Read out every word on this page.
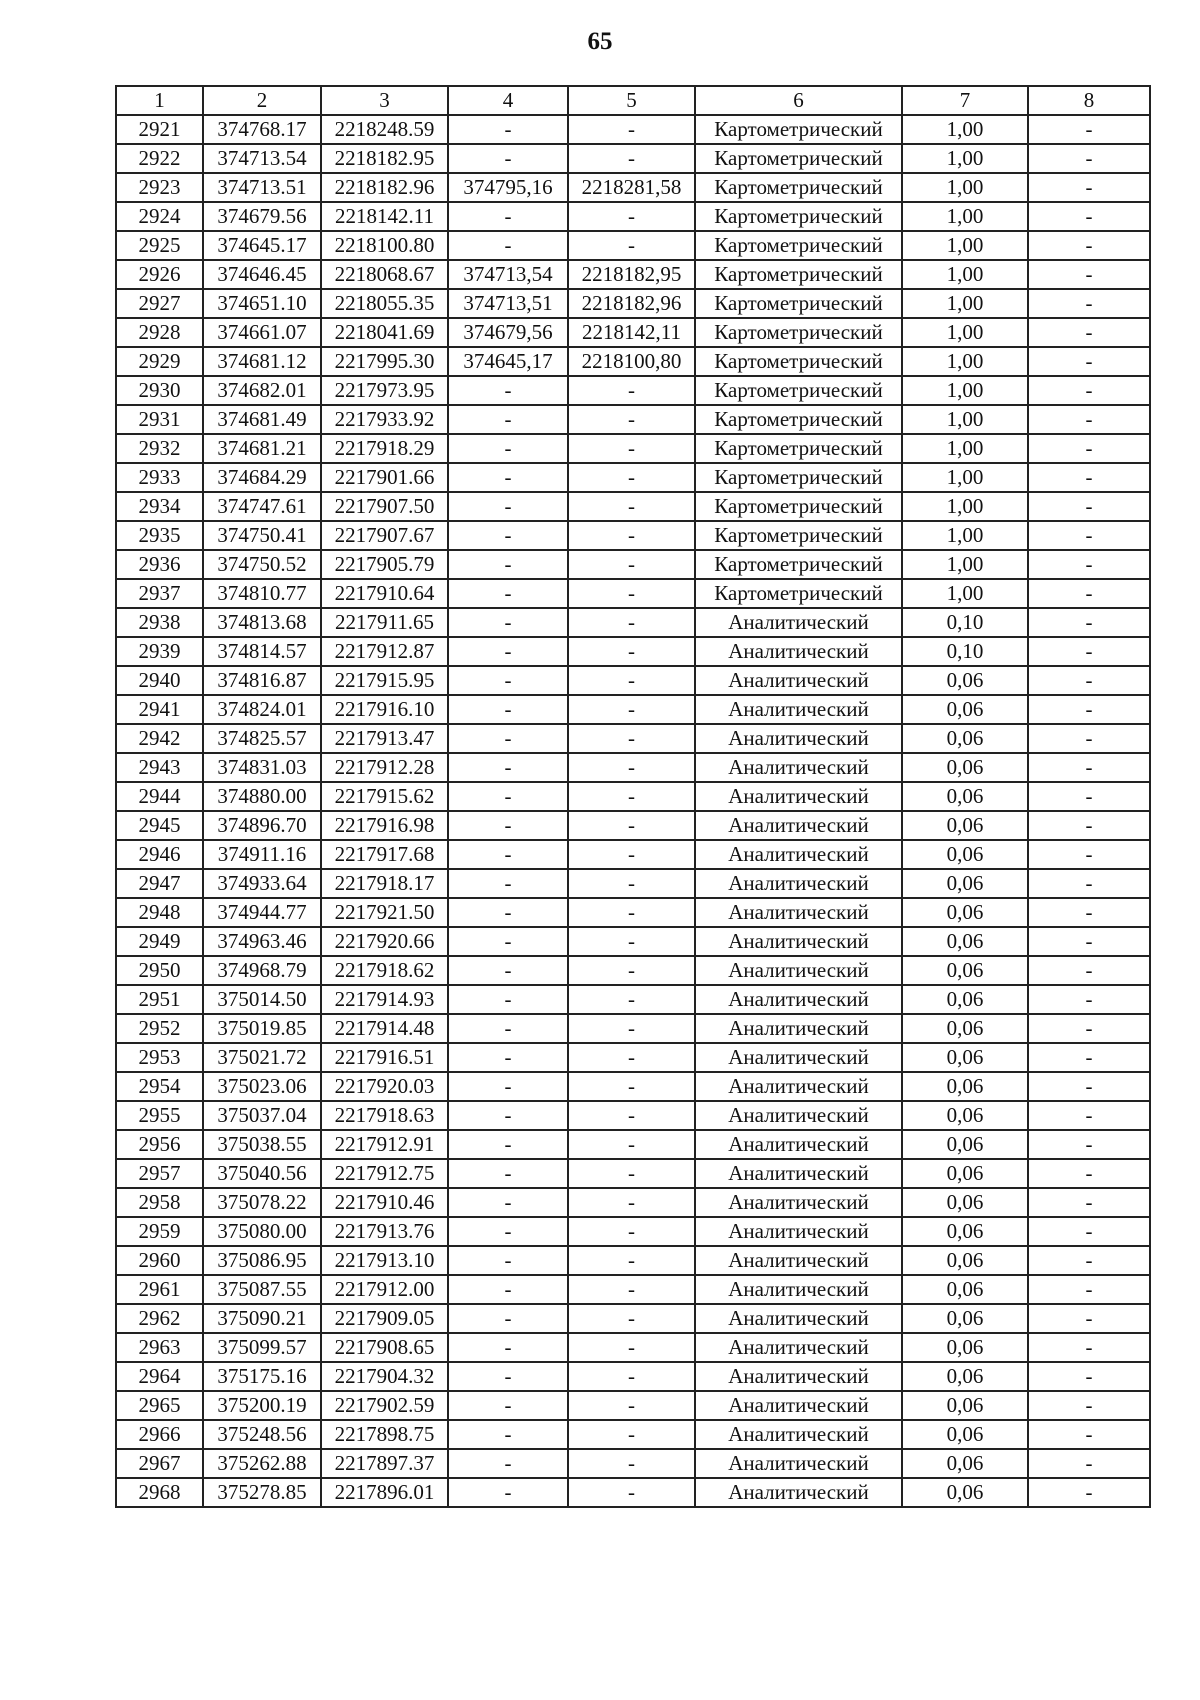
65
1	2	3	4	5	6	7	8
2921	374768.17	2218248.59	-	-	Картометрический	1,00	-
2922	374713.54	2218182.95	-	-	Картометрический	1,00	-
2923	374713.51	2218182.96	374795,16	2218281,58	Картометрический	1,00	-
2924	374679.56	2218142.11	-	-	Картометрический	1,00	-
2925	374645.17	2218100.80	-	-	Картометрический	1,00	-
2926	374646.45	2218068.67	374713,54	2218182,95	Картометрический	1,00	-
2927	374651.10	2218055.35	374713,51	2218182,96	Картометрический	1,00	-
2928	374661.07	2218041.69	374679,56	2218142,11	Картометрический	1,00	-
2929	374681.12	2217995.30	374645,17	2218100,80	Картометрический	1,00	-
2930	374682.01	2217973.95	-	-	Картометрический	1,00	-
2931	374681.49	2217933.92	-	-	Картометрический	1,00	-
2932	374681.21	2217918.29	-	-	Картометрический	1,00	-
2933	374684.29	2217901.66	-	-	Картометрический	1,00	-
2934	374747.61	2217907.50	-	-	Картометрический	1,00	-
2935	374750.41	2217907.67	-	-	Картометрический	1,00	-
2936	374750.52	2217905.79	-	-	Картометрический	1,00	-
2937	374810.77	2217910.64	-	-	Картометрический	1,00	-
2938	374813.68	2217911.65	-	-	Аналитический	0,10	-
2939	374814.57	2217912.87	-	-	Аналитический	0,10	-
2940	374816.87	2217915.95	-	-	Аналитический	0,06	-
2941	374824.01	2217916.10	-	-	Аналитический	0,06	-
2942	374825.57	2217913.47	-	-	Аналитический	0,06	-
2943	374831.03	2217912.28	-	-	Аналитический	0,06	-
2944	374880.00	2217915.62	-	-	Аналитический	0,06	-
2945	374896.70	2217916.98	-	-	Аналитический	0,06	-
2946	374911.16	2217917.68	-	-	Аналитический	0,06	-
2947	374933.64	2217918.17	-	-	Аналитический	0,06	-
2948	374944.77	2217921.50	-	-	Аналитический	0,06	-
2949	374963.46	2217920.66	-	-	Аналитический	0,06	-
2950	374968.79	2217918.62	-	-	Аналитический	0,06	-
2951	375014.50	2217914.93	-	-	Аналитический	0,06	-
2952	375019.85	2217914.48	-	-	Аналитический	0,06	-
2953	375021.72	2217916.51	-	-	Аналитический	0,06	-
2954	375023.06	2217920.03	-	-	Аналитический	0,06	-
2955	375037.04	2217918.63	-	-	Аналитический	0,06	-
2956	375038.55	2217912.91	-	-	Аналитический	0,06	-
2957	375040.56	2217912.75	-	-	Аналитический	0,06	-
2958	375078.22	2217910.46	-	-	Аналитический	0,06	-
2959	375080.00	2217913.76	-	-	Аналитический	0,06	-
2960	375086.95	2217913.10	-	-	Аналитический	0,06	-
2961	375087.55	2217912.00	-	-	Аналитический	0,06	-
2962	375090.21	2217909.05	-	-	Аналитический	0,06	-
2963	375099.57	2217908.65	-	-	Аналитический	0,06	-
2964	375175.16	2217904.32	-	-	Аналитический	0,06	-
2965	375200.19	2217902.59	-	-	Аналитический	0,06	-
2966	375248.56	2217898.75	-	-	Аналитический	0,06	-
2967	375262.88	2217897.37	-	-	Аналитический	0,06	-
2968	375278.85	2217896.01	-	-	Аналитический	0,06	-
